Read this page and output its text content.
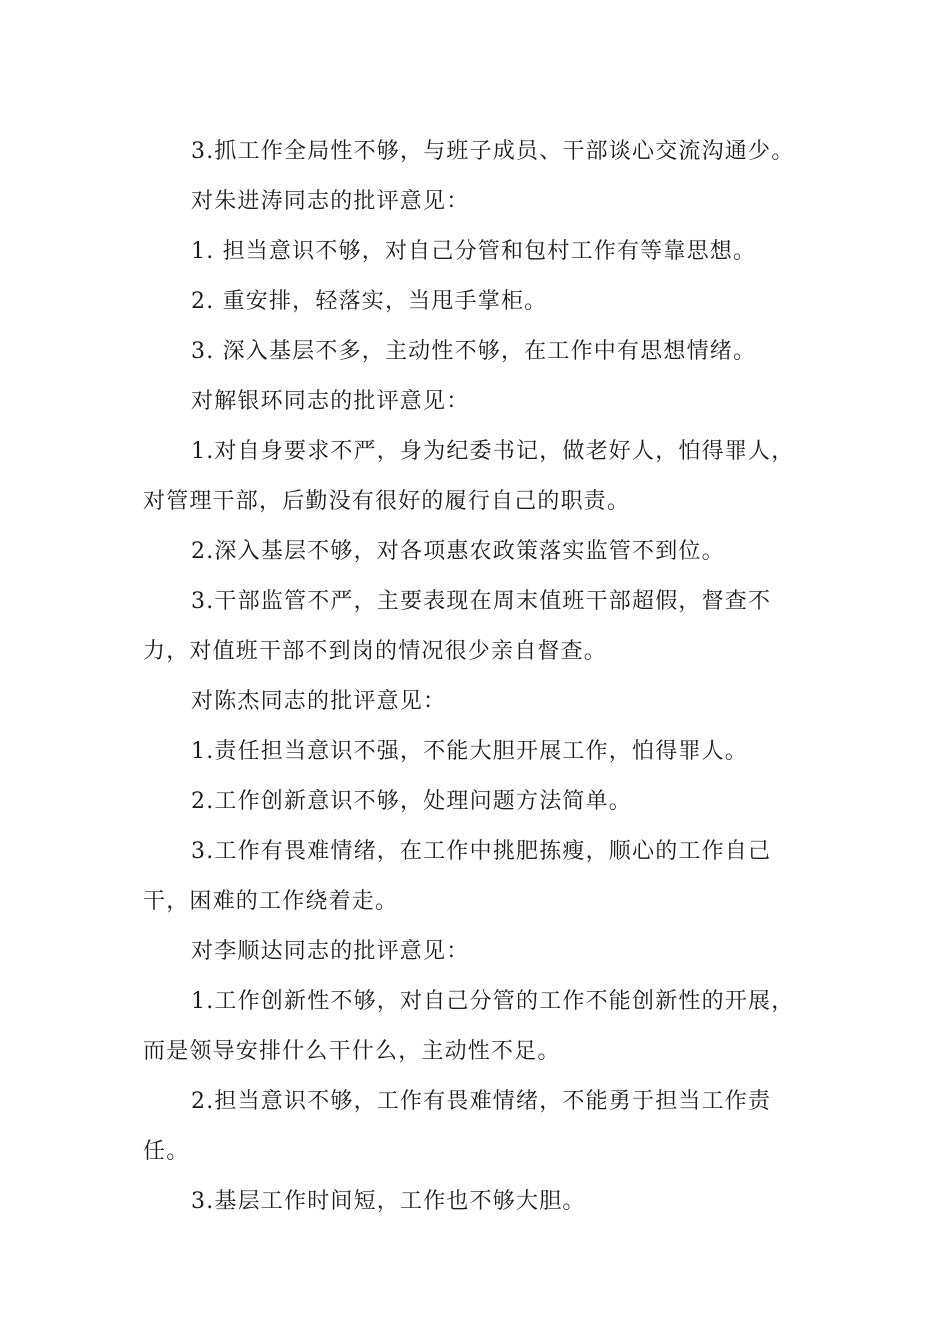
3.抓工作全局性不够，与班子成员、干部谈心交流沟通少。

对朱进涛同志的批评意见：

1. 担当意识不够，对自己分管和包村工作有等靠思想。

2. 重安排，轻落实，当甩手掌柜。

3. 深入基层不多，主动性不够，在工作中有思想情绪。

对解银环同志的批评意见：

1.对自身要求不严，身为纪委书记，做老好人，怕得罪人，对管理干部，后勤没有很好的履行自己的职责。

2.深入基层不够，对各项惠农政策落实监管不到位。

3.干部监管不严，主要表现在周末值班干部超假，督查不力，对值班干部不到岗的情况很少亲自督查。

对陈杰同志的批评意见：

1.责任担当意识不强，不能大胆开展工作，怕得罪人。

2.工作创新意识不够，处理问题方法简单。

3.工作有畏难情绪，在工作中挑肥拣瘦，顺心的工作自己干，困难的工作绕着走。

对李顺达同志的批评意见：

1.工作创新性不够，对自己分管的工作不能创新性的开展，而是领导安排什么干什么，主动性不足。

2.担当意识不够，工作有畏难情绪，不能勇于担当工作责任。

3.基层工作时间短，工作也不够大胆。
